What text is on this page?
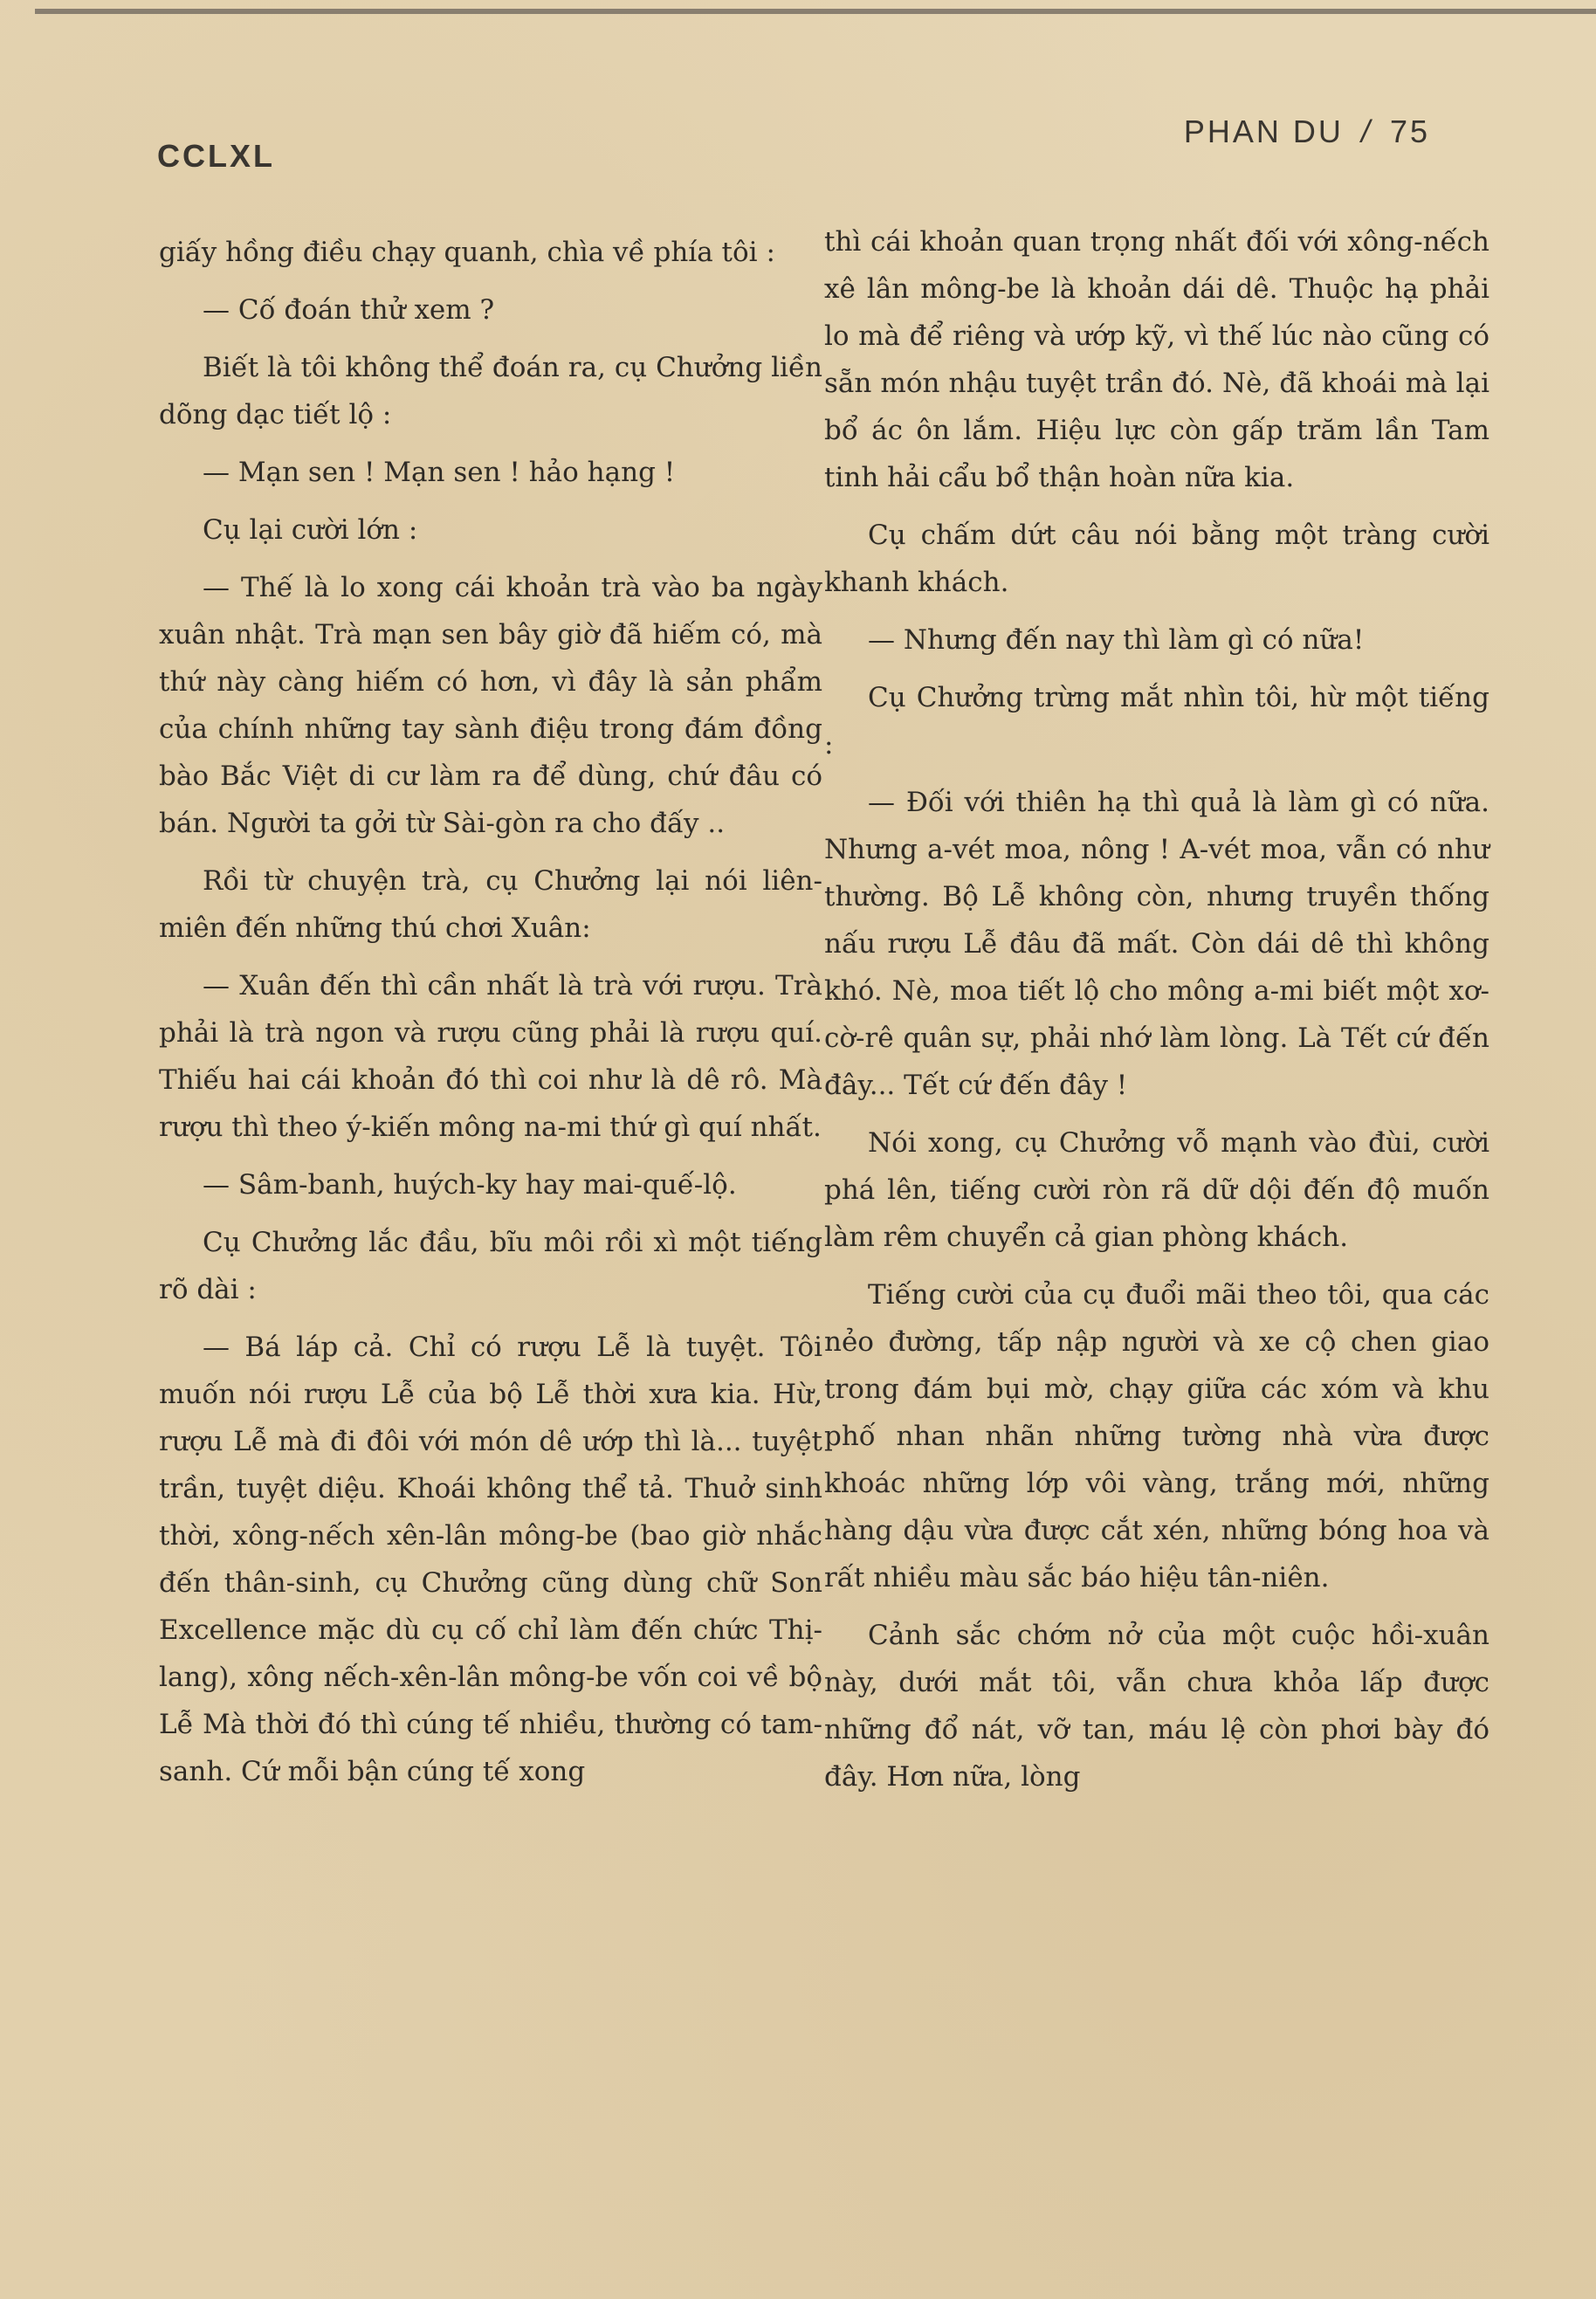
CCLXL
PHAN DU / 75

giấy hồng điều chạy quanh, chìa về phía tôi :

— Cố đoán thử xem ?

Biết là tôi không thể đoán ra, cụ Chưởng liền dõng dạc tiết lộ :

— Mạn sen ! Mạn sen ! hảo hạng !

Cụ lại cười lớn :

— Thế là lo xong cái khoản trà vào ba ngày xuân nhật. Trà mạn sen bây giờ đã hiếm có, mà thứ này càng hiếm có hơn, vì đây là sản phẩm của chính những tay sành điệu trong đám đồng bào Bắc Việt di cư làm ra để dùng, chứ đâu có bán. Người ta gởi từ Sài-gòn ra cho đấy ..

Rồi từ chuyện trà, cụ Chưởng lại nói liên-miên đến những thú chơi Xuân:

— Xuân đến thì cần nhất là trà với rượu. Trà phải là trà ngon và rượu cũng phải là rượu quí. Thiếu hai cái khoản đó thì coi như là dê rô. Mà rượu thì theo ý-kiến mông na-mi thứ gì quí nhất.

— Sâm-banh, huých-ky hay mai-quế-lộ.

Cụ Chưởng lắc đầu, bĩu môi rồi xì một tiếng rõ dài :

— Bá láp cả. Chỉ có rượu Lễ là tuyệt. Tôi muốn nói rượu Lễ của bộ Lễ thời xưa kia. Hừ, rượu Lễ mà đi đôi với món dê ướp thì là... tuyệt trần, tuyệt diệu. Khoái không thể tả. Thuở sinh thời, xông-nếch xên-lân mông-be (bao giờ nhắc đến thân-sinh, cụ Chưởng cũng dùng chữ Son Excellence mặc dù cụ cố chỉ làm đến chức Thị-lang), xông nếch-xên-lân mông-be vốn coi về bộ Lễ Mà thời đó thì cúng tế nhiều, thường có tam-sanh. Cứ mỗi bận cúng tế xong

thì cái khoản quan trọng nhất đối với xông-nếch xê lân mông-be là khoản dái dê. Thuộc hạ phải lo mà để riêng và ướp kỹ, vì thế lúc nào cũng có sẵn món nhậu tuyệt trần đó. Nè, đã khoái mà lại bổ ác ôn lắm. Hiệu lực còn gấp trăm lần Tam tinh hải cẩu bổ thận hoàn nữa kia.

Cụ chấm dứt câu nói bằng một tràng cười khanh khách.

— Nhưng đến nay thì làm gì có nữa!

Cụ Chưởng trừng mắt nhìn tôi, hừ một tiếng :

— Đối với thiên hạ thì quả là làm gì có nữa. Nhưng a-vét moa, nông ! A-vét moa, vẫn có như thường. Bộ Lễ không còn, nhưng truyền thống nấu rượu Lễ đâu đã mất. Còn dái dê thì không khó. Nè, moa tiết lộ cho mông a-mi biết một xơ-cờ-rê quân sự, phải nhớ làm lòng. Là Tết cứ đến đây... Tết cứ đến đây !

Nói xong, cụ Chưởng vỗ mạnh vào đùi, cười phá lên, tiếng cười ròn rã dữ dội đến độ muốn làm rêm chuyển cả gian phòng khách.

Tiếng cười của cụ đuổi mãi theo tôi, qua các nẻo đường, tấp nập người và xe cộ chen giao trong đám bụi mờ, chạy giữa các xóm và khu phố nhan nhãn những tường nhà vừa được khoác những lớp vôi vàng, trắng mới, những hàng dậu vừa được cắt xén, những bóng hoa và rất nhiều màu sắc báo hiệu tân-niên.

Cảnh sắc chớm nở của một cuộc hồi-xuân này, dưới mắt tôi, vẫn chưa khỏa lấp được những đổ nát, vỡ tan, máu lệ còn phơi bày đó đây. Hơn nữa, lòng
